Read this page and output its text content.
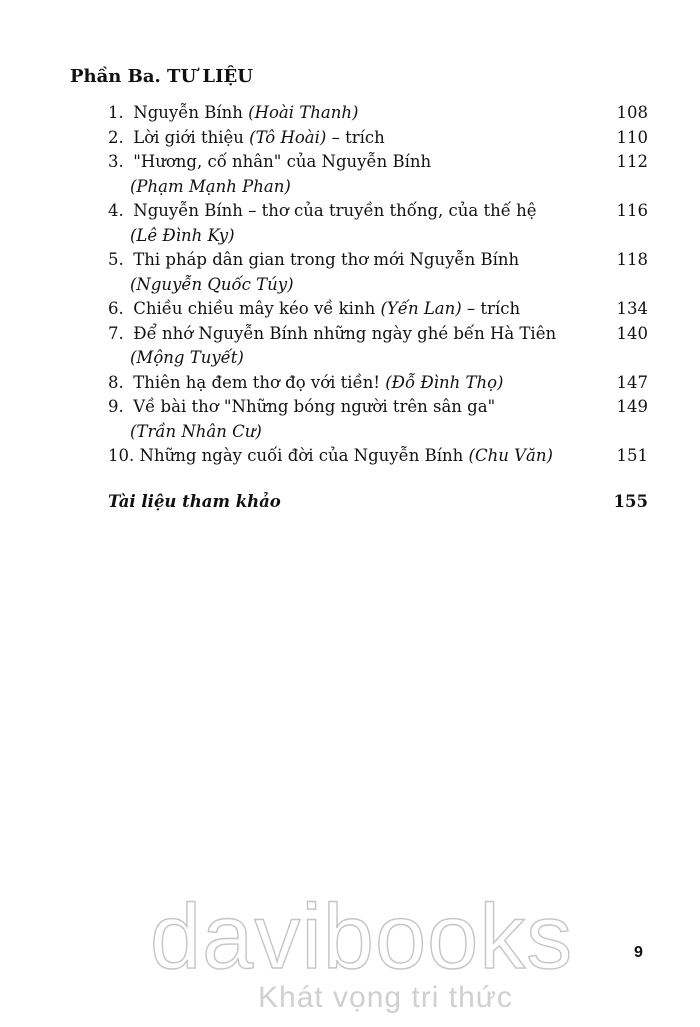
Phần Ba. TƯ LIỆU
1. Nguyễn Bính (Hoài Thanh)	108
2. Lời giới thiệu (Tô Hoài) – trích	110
3. "Hương, cố nhân" của Nguyễn Bính	112
(Phạm Mạnh Phan)
4. Nguyễn Bính – thơ của truyền thống, của thế hệ	116
(Lê Đình Ky)
5. Thi pháp dân gian trong thơ mới Nguyễn Bính	118
(Nguyễn Quốc Túy)
6. Chiều chiều mây kéo về kinh (Yến Lan) – trích	134
7. Để nhớ Nguyễn Bính những ngày ghé bến Hà Tiên	140
(Mộng Tuyết)
8. Thiên hạ đem thơ đọ với tiền! (Đỗ Đình Thọ)	147
9. Về bài thơ "Những bóng người trên sân ga"	149
(Trần Nhân Cư)
10. Những ngày cuối đời của Nguyễn Bính (Chu Văn)	151
Tài liệu tham khảo	155
9
davibooks
Khát vọng tri thức
